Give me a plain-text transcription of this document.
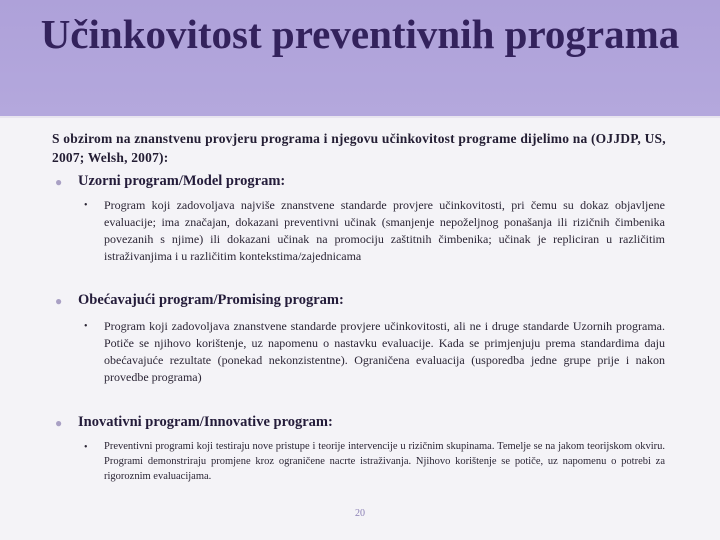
Učinkovitost preventivnih programa
S obzirom na znanstvenu provjeru programa i njegovu učinkovitost programe dijelimo na (OJJDP, US, 2007; Welsh, 2007):
● Uzorni program/Model program:
• Program koji zadovoljava najviše znanstvene standarde provjere učinkovitosti, pri čemu su dokaz objavljene evaluacije; ima značajan, dokazani preventivni učinak (smanjenje nepoželjnog ponašanja ili rizičnih čimbenika povezanih s njime) ili dokazani učinak na promociju zaštitnih čimbenika; učinak je repliciran u različitim istraživanjima i u različitim kontekstima/zajednicama
● Obećavajući program/Promising program:
• Program koji zadovoljava znanstvene standarde provjere učinkovitosti, ali ne i druge standarde Uzornih programa. Potiče se njihovo korištenje, uz napomenu o nastavku evaluacije. Kada se primjenjuju prema standardima daju obećavajuće rezultate (ponekad nekonzistentne). Ograničena evaluacija (usporedba jedne grupe prije i nakon provedbe programa)
● Inovativni program/Innovative program:
• Preventivni programi koji testiraju nove pristupe i teorije intervencije u rizičnim skupinama. Temelje se na jakom teorijskom okviru. Programi demonstriraju promjene kroz ograničene nacrte istraživanja. Njihovo korištenje se potiče, uz napomenu o potrebi za rigoroznim evaluacijama.
20
